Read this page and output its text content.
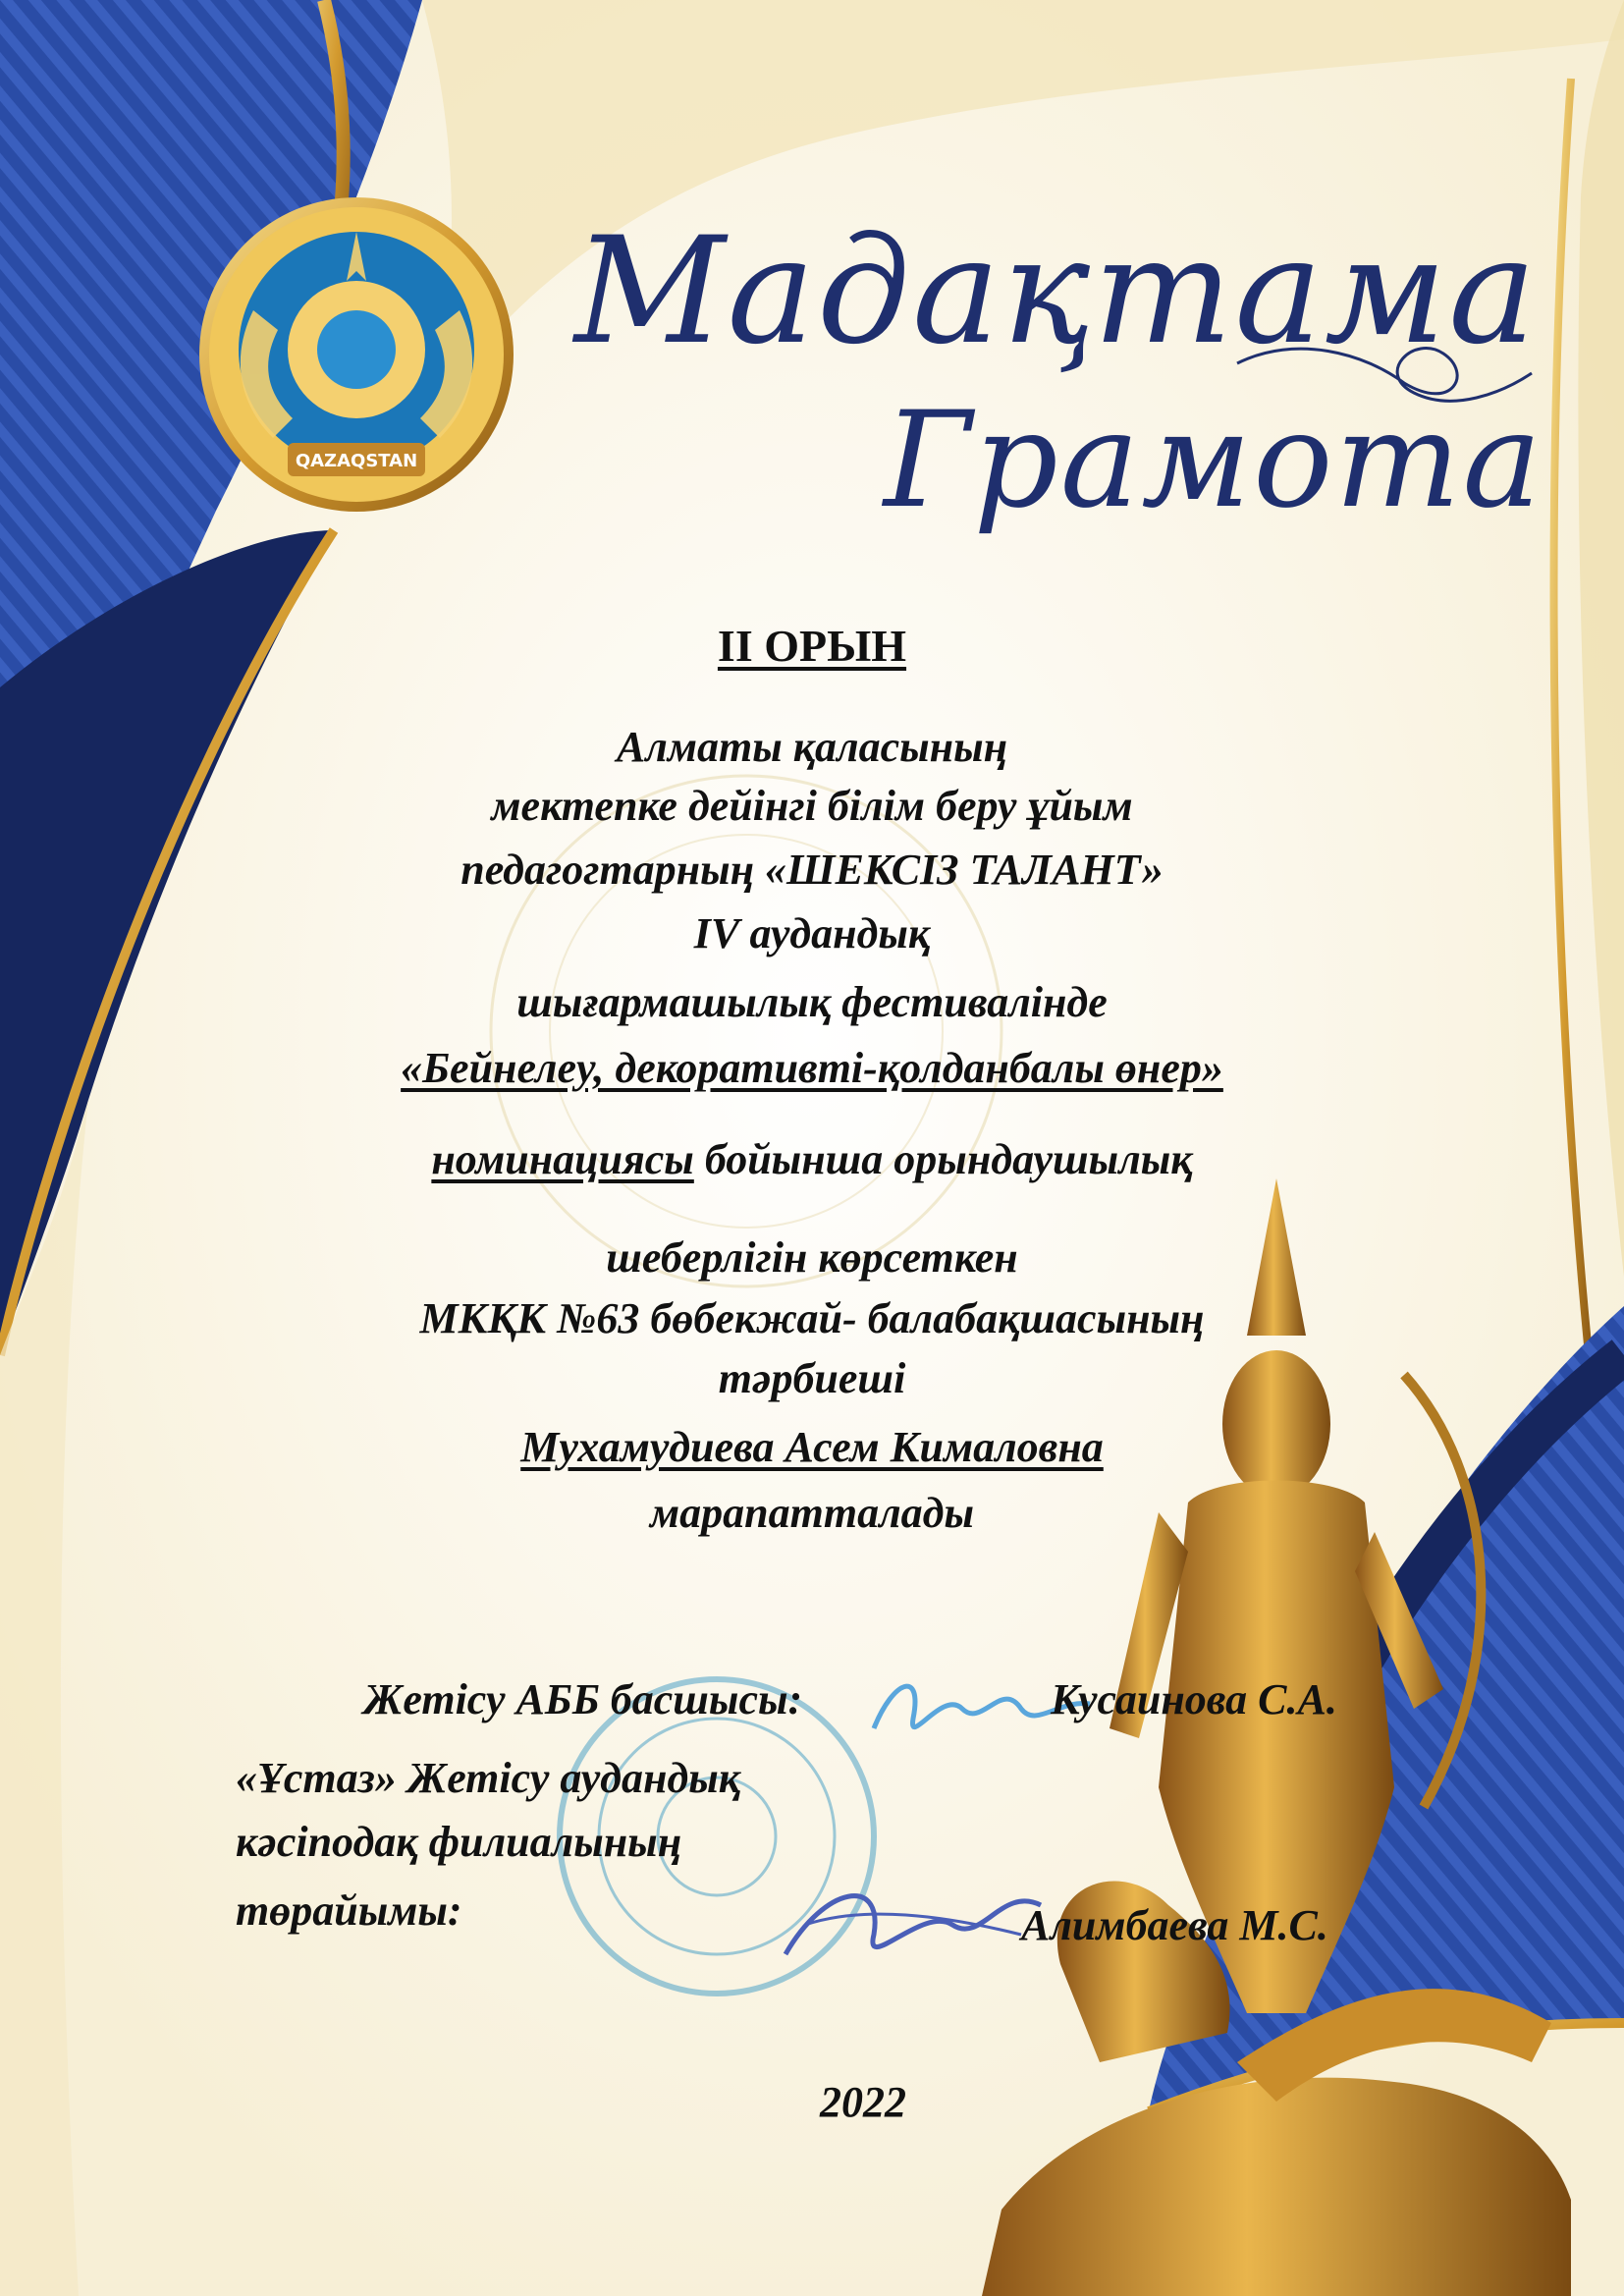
QAZAQSTAN
Мадақтама
Грамота
II ОРЫН
Алматы қаласының
мектепке дейінгі білім беру ұйым
педагогтарның «ШЕКСІЗ ТАЛАНТ»
IV аудандық
шығармашылық фестивалінде
«Бейнелеу, декоративті-қолданбалы өнер»
номинациясы бойынша орындаушылық
шеберлігін көрсеткен
МКҚК №63 бөбекжай- балабақшасының
тәрбиеші
Мухамудиева Асем Кималовна
марапатталады
Жетісу АББ басшысы:	Кусаинова С.А.
«Ұстаз» Жетісу аудандық
кәсіподақ филиалының
төрайымы:	Алимбаева М.С.
2022
